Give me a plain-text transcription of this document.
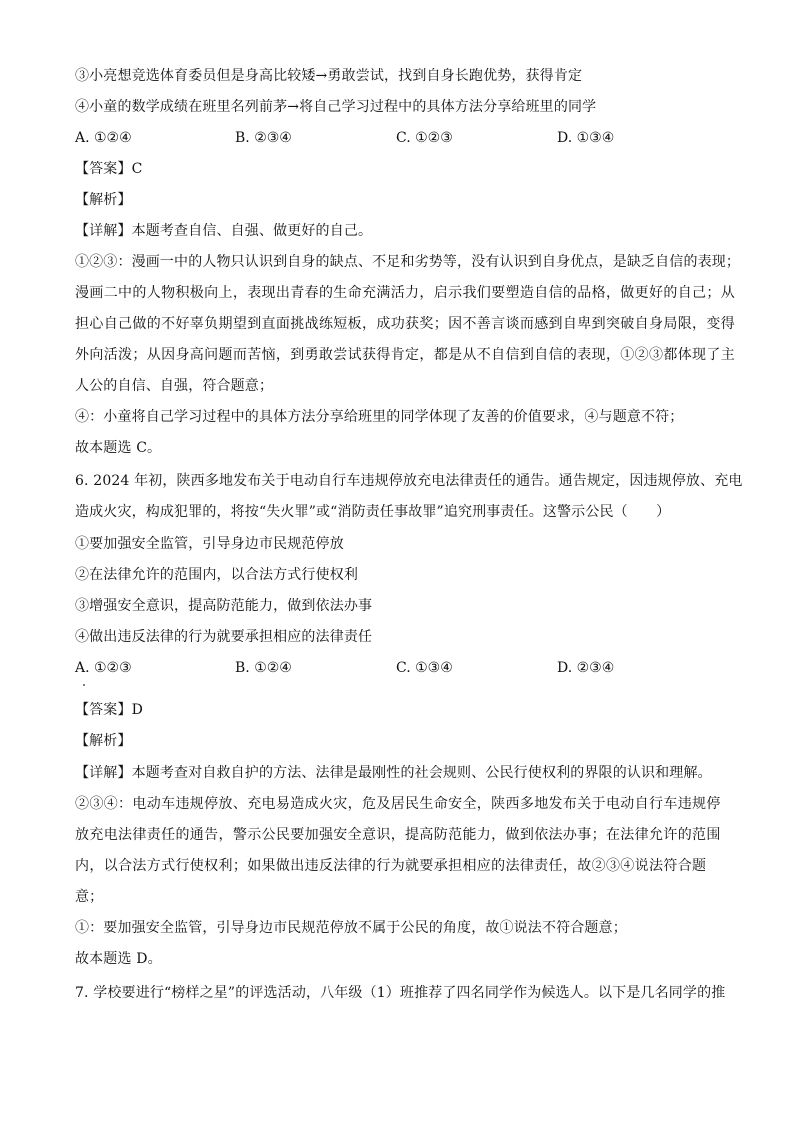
③小亮想竞选体育委员但是身高比较矮→勇敢尝试，找到自身长跑优势，获得肯定
④小童的数学成绩在班里名列前茅→将自己学习过程中的具体方法分享给班里的同学
A. ①②④	B. ②③④	C. ①②③	D. ①③④
【答案】C
【解析】
【详解】本题考查自信、自强、做更好的自己。
①②③：漫画一中的人物只认识到自身的缺点、不足和劣势等，没有认识到自身优点，是缺乏自信的表现；
漫画二中的人物积极向上，表现出青春的生命充满活力，启示我们要塑造自信的品格，做更好的自己；从
担心自己做的不好辜负期望到直面挑战练短板，成功获奖；因不善言谈而感到自卑到突破自身局限，变得
外向活泼；从因身高问题而苦恼，到勇敢尝试获得肯定，都是从不自信到自信的表现，①②③都体现了主
人公的自信、自强，符合题意；
④：小童将自己学习过程中的具体方法分享给班里的同学体现了友善的价值要求，④与题意不符；
故本题选 C。
6. 2024 年初，陕西多地发布关于电动自行车违规停放充电法律责任的通告。通告规定，因违规停放、充电
造成火灾，构成犯罪的，将按“失火罪”或“消防责任事故罪”追究刑事责任。这警示公民（　　）
①要加强安全监管，引导身边市民规范停放
②在法律允许的范围内，以合法方式行使权利
③增强安全意识，提高防范能力，做到依法办事
④做出违反法律的行为就要承担相应的法律责任
A. ①②③	B. ①②④	C. ①③④	D. ②③④
【答案】D
【解析】
【详解】本题考查对自救自护的方法、法律是最刚性的社会规则、公民行使权利的界限的认识和理解。
②③④：电动车违规停放、充电易造成火灾，危及居民生命安全，陕西多地发布关于电动自行车违规停
放充电法律责任的通告，警示公民要加强安全意识，提高防范能力，做到依法办事；在法律允许的范围
内，以合法方式行使权利；如果做出违反法律的行为就要承担相应的法律责任，故②③④说法符合题
意；
①：要加强安全监管，引导身边市民规范停放不属于公民的角度，故①说法不符合题意；
故本题选 D。
7. 学校要进行“榜样之星”的评选活动，八年级（1）班推荐了四名同学作为候选人。以下是几名同学的推
